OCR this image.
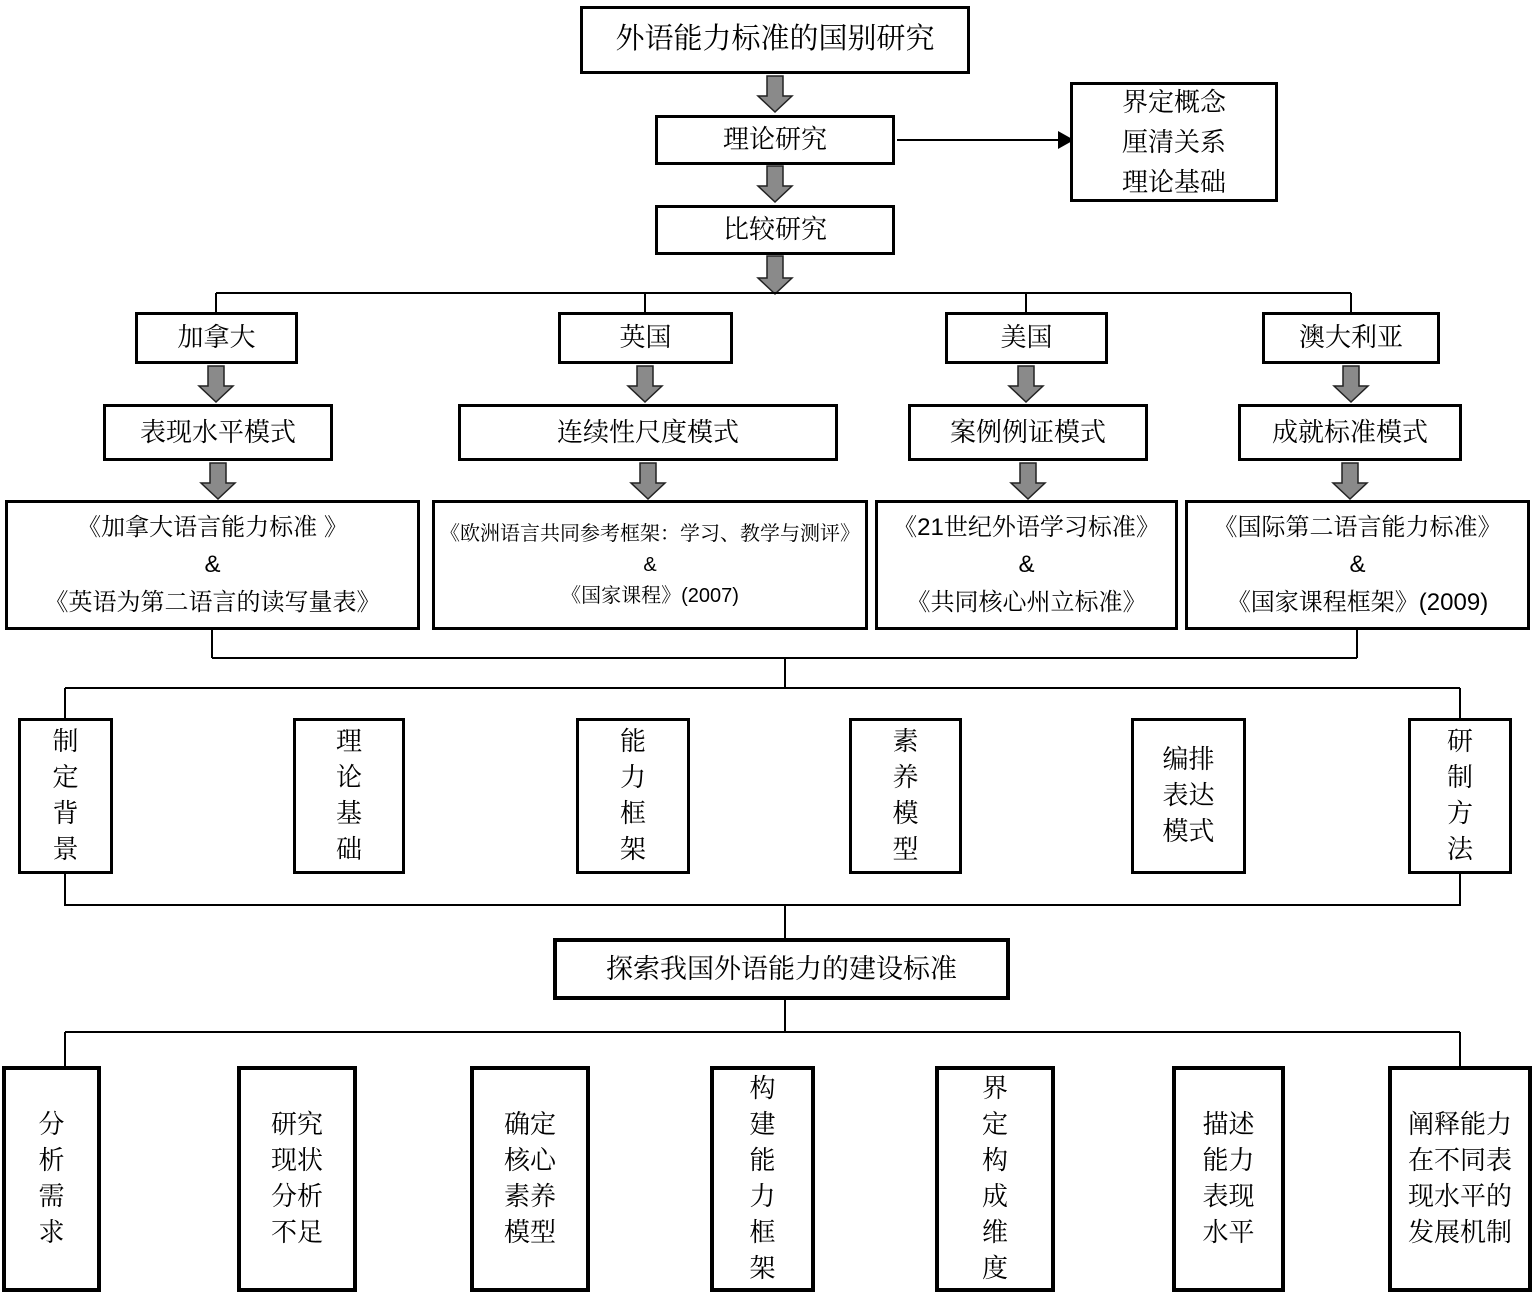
外语能力标准的国别研究
理论研究
界定概念
厘清关系
理论基础
比较研究
加拿大	英国	美国	澳大利亚
表现水平模式	连续性尺度模式	案例例证模式	成就标准模式
《加拿大语言能力标准 》
&
《英语为第二语言的读写量表》
《欧洲语言共同参考框架：学习、教学与测评》
&
《国家课程》(2007)
《21世纪外语学习标准》
&
《共同核心州立标准》
《国际第二语言能力标准》
&
《国家课程框架》(2009)
制定背景
理论基础
能力框架
素养模型
编排表达模式
研制方法
探索我国外语能力的建设标准
分析需求
研究现状分析不足
确定核心素养模型
构建能力框架
界定构成维度
描述能力表现水平
阐释能力在不同表现水平的发展机制
